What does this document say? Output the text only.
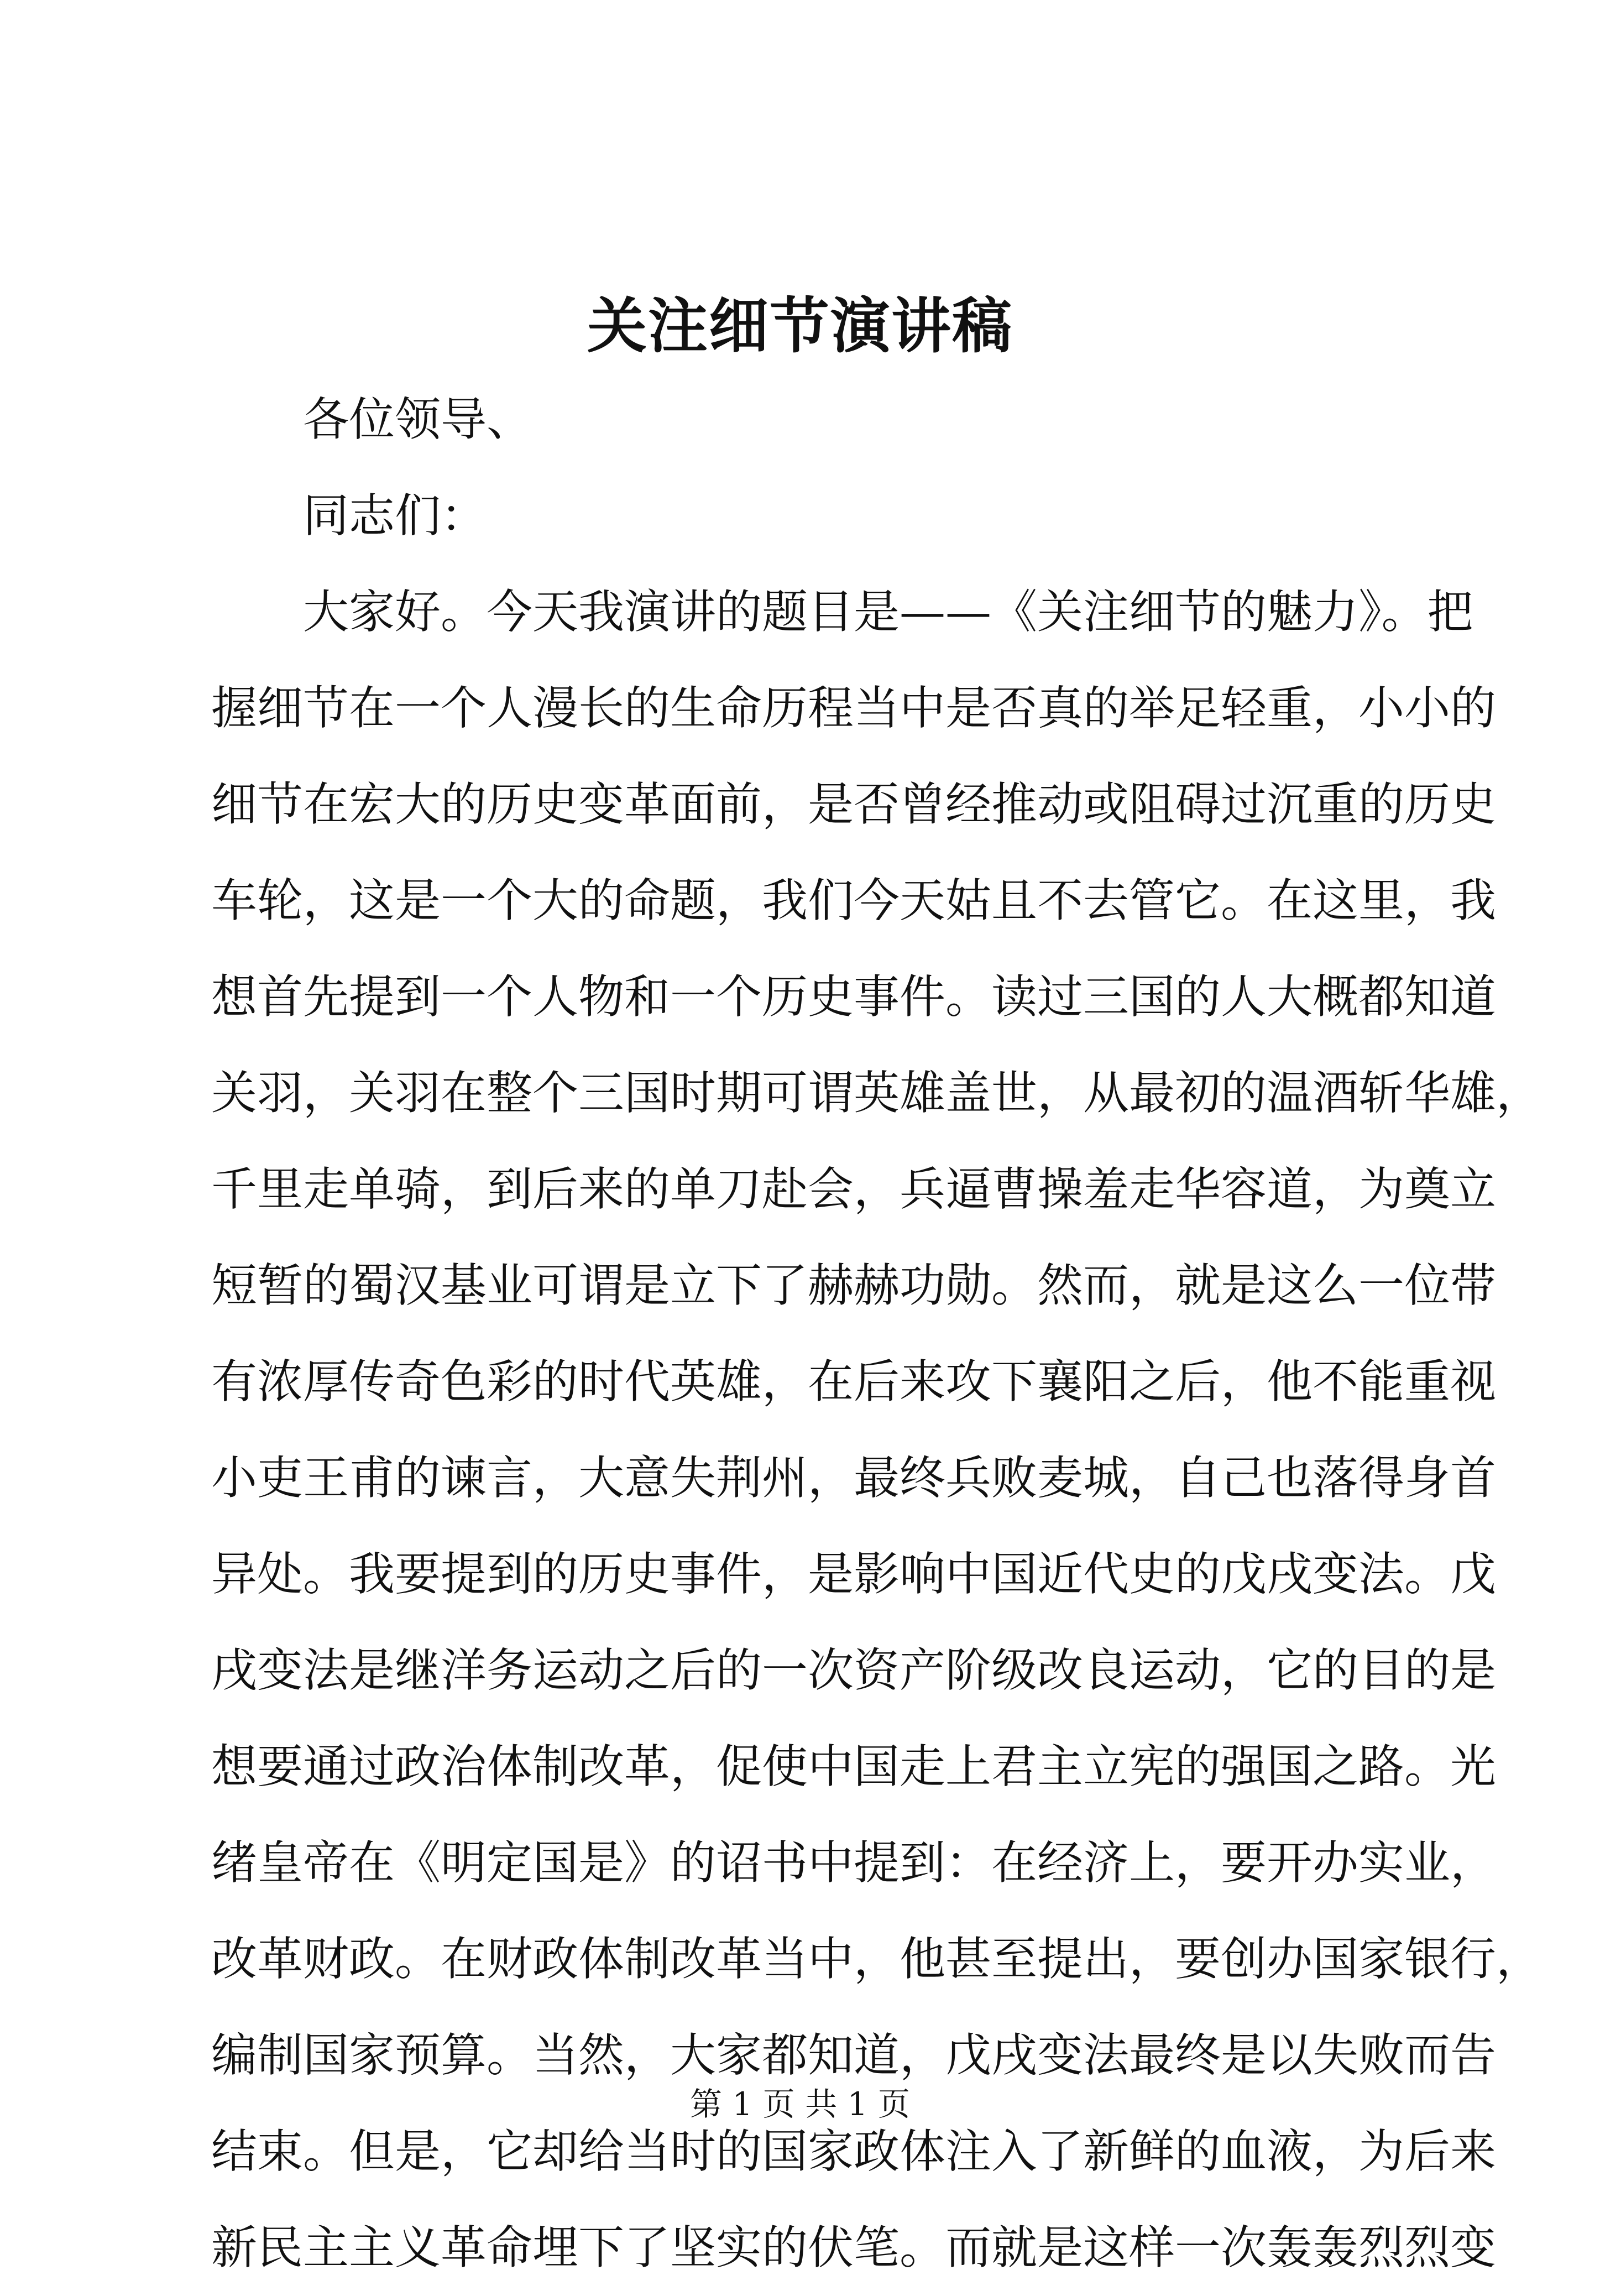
关注细节演讲稿
各位领导、
同志们：
大家好。今天我演讲的题目是——《关注细节的魅力》。把
握细节在一个人漫长的生命历程当中是否真的举足轻重，小小的
细节在宏大的历史变革面前，是否曾经推动或阻碍过沉重的历史
车轮，这是一个大的命题，我们今天姑且不去管它。在这里，我
想首先提到一个人物和一个历史事件。读过三国的人大概都知道
关羽，关羽在整个三国时期可谓英雄盖世，从最初的温酒斩华雄，
千里走单骑，到后来的单刀赴会，兵逼曹操羞走华容道，为奠立
短暂的蜀汉基业可谓是立下了赫赫功勋。然而，就是这么一位带
有浓厚传奇色彩的时代英雄，在后来攻下襄阳之后，他不能重视
小吏王甫的谏言，大意失荆州，最终兵败麦城，自己也落得身首
异处。我要提到的历史事件，是影响中国近代史的戊戌变法。戊
戌变法是继洋务运动之后的一次资产阶级改良运动，它的目的是
想要通过政治体制改革，促使中国走上君主立宪的强国之路。光
绪皇帝在《明定国是》的诏书中提到：在经济上，要开办实业，
改革财政。在财政体制改革当中，他甚至提出，要创办国家银行，
编制国家预算。当然，大家都知道，戊戌变法最终是以失败而告
结束。但是，它却给当时的国家政体注入了新鲜的血液，为后来
新民主主义革命埋下了坚实的伏笔。而就是这样一次轰轰烈烈变
第 1 页 共 1 页
